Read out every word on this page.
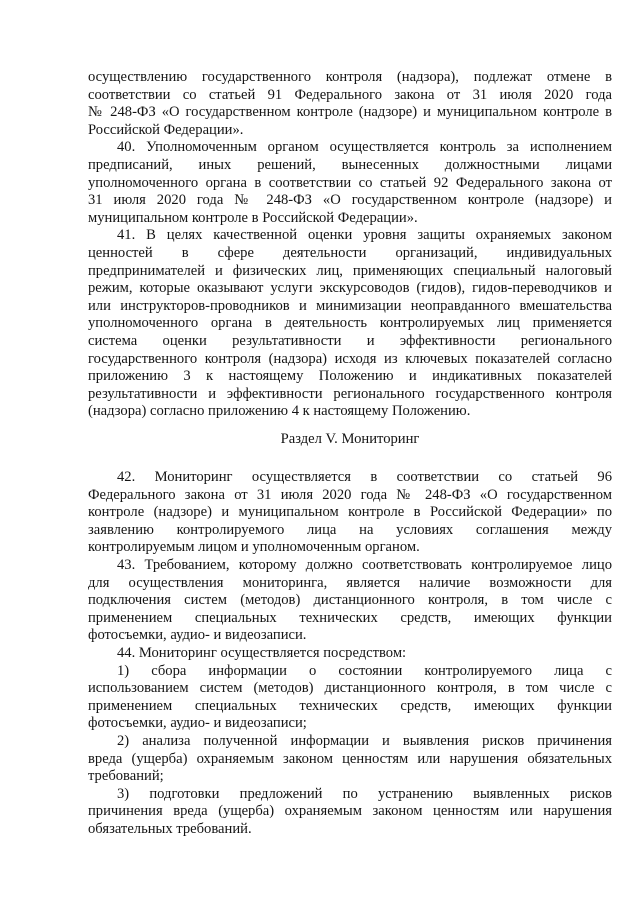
осуществлению государственного контроля (надзора), подлежат отмене в
соответствии со статьей 91 Федерального закона от 31 июля 2020 года
№ 248-ФЗ «О государственном контроле (надзоре) и муниципальном контроле в
Российской Федерации».

40. Уполномоченным органом осуществляется контроль за исполнением
предписаний, иных решений, вынесенных должностными лицами
уполномоченного органа в соответствии со статьей 92 Федерального закона от
31 июля 2020 года № 248-ФЗ «О государственном контроле (надзоре) и
муниципальном контроле в Российской Федерации».

41. В целях качественной оценки уровня защиты охраняемых законом
ценностей в сфере деятельности организаций, индивидуальных
предпринимателей и физических лиц, применяющих специальный налоговый
режим, которые оказывают услуги экскурсоводов (гидов), гидов-переводчиков и
или инструкторов-проводников и минимизации неоправданного вмешательства
уполномоченного органа в деятельность контролируемых лиц применяется
система оценки результативности и эффективности регионального
государственного контроля (надзора) исходя из ключевых показателей согласно
приложению 3 к настоящему Положению и индикативных показателей
результативности и эффективности регионального государственного контроля
(надзора) согласно приложению 4 к настоящему Положению.

Раздел V. Мониторинг

42. Мониторинг осуществляется в соответствии со статьей 96
Федерального закона от 31 июля 2020 года № 248-ФЗ «О государственном
контроле (надзоре) и муниципальном контроле в Российской Федерации» по
заявлению контролируемого лица на условиях соглашения между
контролируемым лицом и уполномоченным органом.

43. Требованием, которому должно соответствовать контролируемое лицо
для осуществления мониторинга, является наличие возможности для
подключения систем (методов) дистанционного контроля, в том числе с
применением специальных технических средств, имеющих функции
фотосъемки, аудио- и видеозаписи.

44. Мониторинг осуществляется посредством:

1) сбора информации о состоянии контролируемого лица с
использованием систем (методов) дистанционного контроля, в том числе с
применением специальных технических средств, имеющих функции
фотосъемки, аудио- и видеозаписи;

2) анализа полученной информации и выявления рисков причинения
вреда (ущерба) охраняемым законом ценностям или нарушения обязательных
требований;

3) подготовки предложений по устранению выявленных рисков
причинения вреда (ущерба) охраняемым законом ценностям или нарушения
обязательных требований.
